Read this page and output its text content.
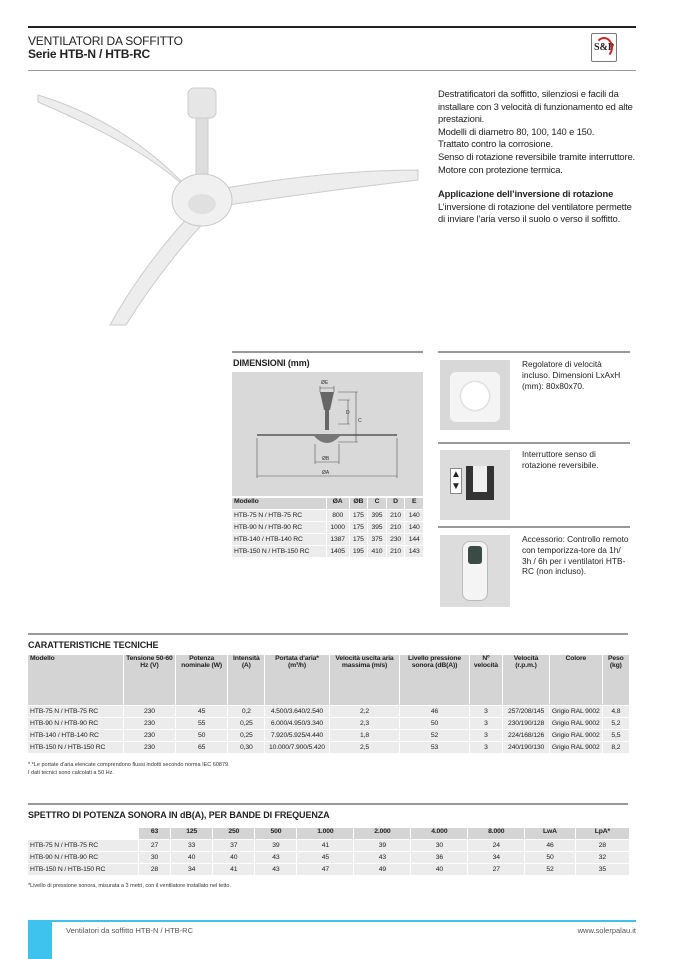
VENTILATORI DA SOFFITTO
Serie HTB-N / HTB-RC	S&P
Destratificatori da soffitto, silenziosi e facili da installare con 3 velocità di funzionamento ed alte prestazioni.
Modelli di diametro 80, 100, 140 e 150.
Trattato contro la corrosione.
Senso di rotazione reversibile tramite interruttore.
Motore con protezione termica.
Applicazione dell’inversione di rotazione
L’inversione di rotazione del ventilatore permette di inviare l’aria verso il suolo o verso il soffitto.
DIMENSIONI (mm)
ØE
D
C
ØB
ØA
Modello	ØA	ØB	C	D	E
HTB-75 N / HTB-75 RC	800	175	395	210	140
HTB-90 N / HTB-90 RC	1000	175	395	210	140
HTB-140 / HTB-140 RC	1387	175	375	230	144
HTB-150 N / HTB-150 RC	1405	195	410	210	143
Regolatore di velocità incluso. Dimensioni LxAxH (mm): 80x80x70.
▲
▼
Interruttore senso di rotazione reversibile.
Accessorio: Controllo remoto con temporizza-tore da 1h/ 3h / 6h per i ventilatori HTB-RC (non incluso).
CARATTERISTICHE TECNICHE
Modello	Tensione 50-60 Hz (V)	Potenza nominale (W)	Intensità (A)	Portata d'aria* (m³/h)	Velocità uscita aria massima (m/s)	Livello pressione sonora (dB(A))	Nº velocità	Velocità (r.p.m.)	Colore	Peso (kg)
HTB-75 N / HTB-75 RC	230	45	0,2	4.500/3.640/2.540	2,2	46	3	257/208/145	Grigio RAL 9002	4,8
HTB-90 N / HTB-90 RC	230	55	0,25	6.000/4.950/3.340	2,3	50	3	230/190/128	Grigio RAL 9002	5,2
HTB-140 / HTB-140 RC	230	50	0,25	7.920/5.925/4.440	1,8	52	3	224/168/126	Grigio RAL 9002	5,5
HTB-150 N / HTB-150 RC	230	65	0,30	10.000/7.900/5.420	2,5	53	3	240/190/130	Grigio RAL 9002	8,2
* *Le portate d'aria elencate comprendono flussi indotti secondo norma IEC 60879.
I dati tecnici sono calcolati a 50 Hz.
SPETTRO DI POTENZA SONORA IN dB(A), PER BANDE DI FREQUENZA
	63	125	250	500	1.000	2.000	4.000	8.000	LwA	LpA*
HTB-75 N / HTB-75 RC	27	33	37	39	41	39	30	24	46	28
HTB-90 N / HTB-90 RC	30	40	40	43	45	43	36	34	50	32
HTB-150 N / HTB-150 RC	28	34	41	43	47	49	40	27	52	35
*Livello di pressione sonora, misurata a 3 metri, con il ventilatore installato nel tetto.
Ventilatori da soffitto HTB-N / HTB-RC	www.solerpalau.it
